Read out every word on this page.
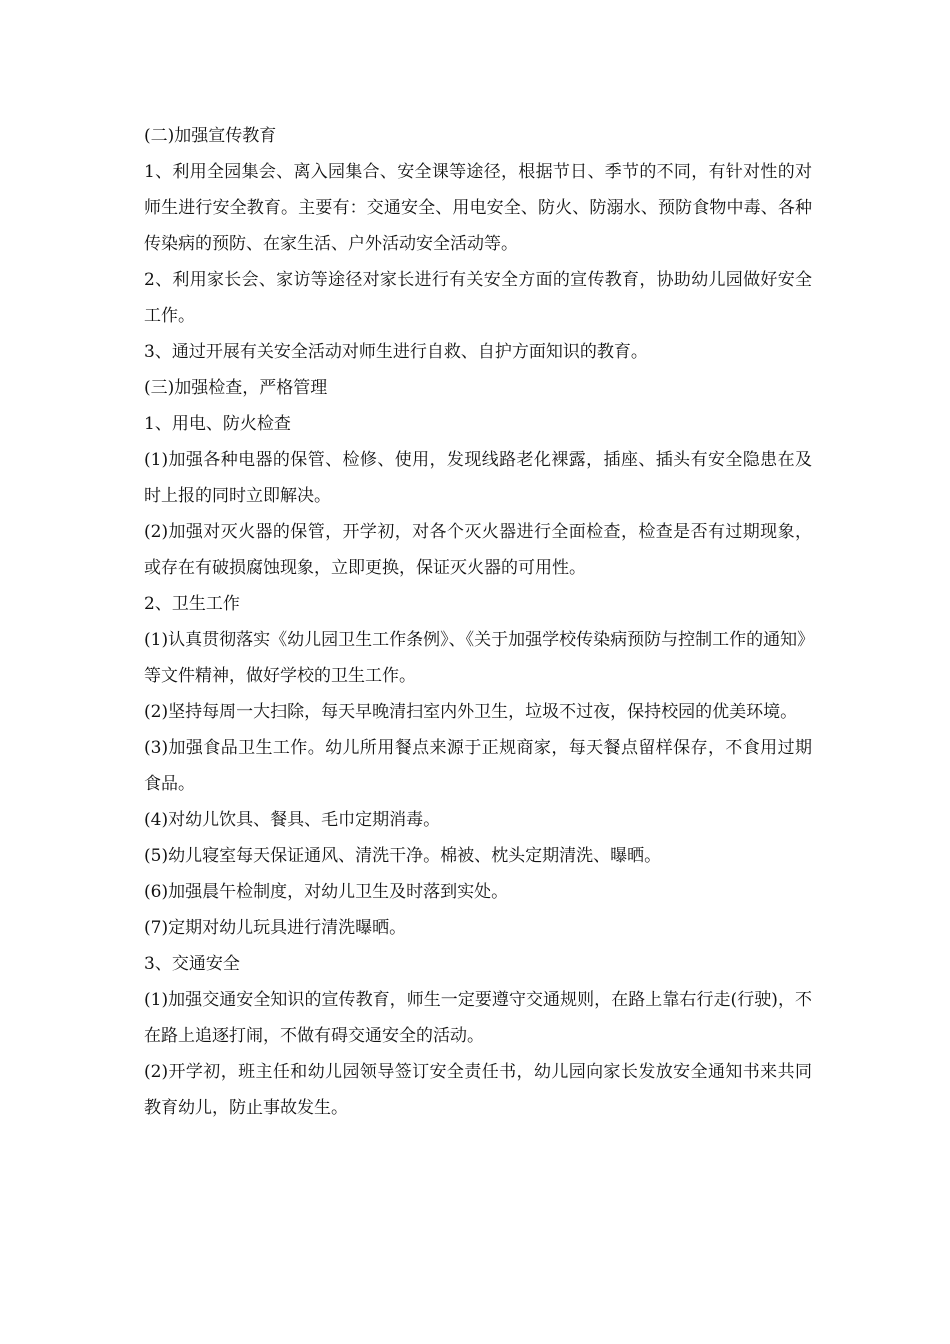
(二)加强宣传教育

1、利用全园集会、离入园集合、安全课等途径，根据节日、季节的不同，有针对性的对师生进行安全教育。主要有：交通安全、用电安全、防火、防溺水、预防食物中毒、各种传染病的预防、在家生活、户外活动安全活动等。

2、利用家长会、家访等途径对家长进行有关安全方面的宣传教育，协助幼儿园做好安全工作。

3、通过开展有关安全活动对师生进行自救、自护方面知识的教育。

(三)加强检查，严格管理

1、用电、防火检查

(1)加强各种电器的保管、检修、使用，发现线路老化裸露，插座、插头有安全隐患在及时上报的同时立即解决。

(2)加强对灭火器的保管，开学初，对各个灭火器进行全面检查，检查是否有过期现象，或存在有破损腐蚀现象，立即更换，保证灭火器的可用性。

2、卫生工作

(1)认真贯彻落实《幼儿园卫生工作条例》、《关于加强学校传染病预防与控制工作的通知》

等文件精神，做好学校的卫生工作。

(2)坚持每周一大扫除，每天早晚清扫室内外卫生，垃圾不过夜，保持校园的优美环境。

(3)加强食品卫生工作。幼儿所用餐点来源于正规商家，每天餐点留样保存，不食用过期食品。

(4)对幼儿饮具、餐具、毛巾定期消毒。

(5)幼儿寝室每天保证通风、清洗干净。棉被、枕头定期清洗、曝晒。

(6)加强晨午检制度，对幼儿卫生及时落到实处。

(7)定期对幼儿玩具进行清洗曝晒。

3、交通安全

(1)加强交通安全知识的宣传教育，师生一定要遵守交通规则，在路上靠右行走(行驶)，不在路上追逐打闹，不做有碍交通安全的活动。

(2)开学初，班主任和幼儿园领导签订安全责任书，幼儿园向家长发放安全通知书来共同教育幼儿，防止事故发生。
